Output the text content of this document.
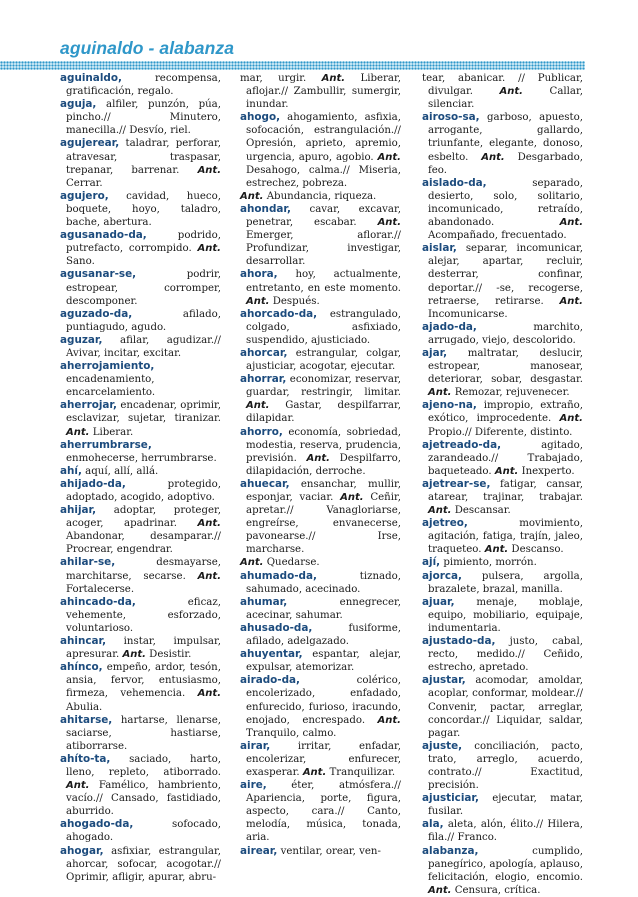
aguinaldo - alabanza

aguinaldo,	recompensa, gratificación, regalo.

aguja, alfiler, punzón, púa, pincho.// Minutero, manecilla.// Desvío, riel.

agujerear, taladrar, perforar, atravesar, traspasar, trepanar, barrenar. Ant. Cerrar.

agujero, cavidad, hueco, boquete, hoyo, taladro, bache, abertura.

agusanado-da,	podrido, putrefacto, corrompido. Ant. Sano.

agusanar-se,	podrir, estropear, corromper, descomponer.

aguzado-da,	afilado, puntiagudo, agudo.

aguzar, afilar, agudizar.// Avivar, incitar, excitar.

aherrojamiento, encadenamiento, encarcelamiento.

aherrojar, encadenar, oprimir, esclavizar, sujetar, tiranizar. Ant. Liberar.

aherrumbrarse, enmohecerse, herrumbrarse.

ahí, aquí, allí, allá.

ahijado-da,	protegido, adoptado, acogido, adoptivo.

ahijar, adoptar, proteger, acoger, apadrinar. Ant. Abandonar, desamparar.// Procrear, engendrar.

ahilar-se,	desmayarse, marchitarse, secarse. Ant. Fortalecerse.

ahincado-da,	eficaz, vehemente, esforzado, voluntarioso.

ahincar, instar, impulsar, apresurar. Ant. Desistir.

ahínco, empeño, ardor, tesón, ansia, fervor, entusiasmo, firmeza, vehemencia. Ant. Abulia.

ahitarse, hartarse, llenarse, saciarse, hastiarse, atiborrarse.

ahíto-ta, saciado, harto, lleno, repleto, atiborrado. Ant. Famélico, hambriento, vacío.// Cansado, fastidiado, aburrido.

ahogado-da,	sofocado, ahogado.

ahogar, asfixiar, estrangular, ahorcar, sofocar, acogotar.// Oprimir, afligir, apurar, abru-

mar, urgir. Ant. Liberar, aflojar.// Zambullir, sumergir, inundar.

ahogo, ahogamiento, asfixia, sofocación, estrangulación.// Opresión, aprieto, apremio, urgencia, apuro, agobio. Ant. Desahogo, calma.// Miseria, estrechez, pobreza.

Ant. Abundancia, riqueza.

ahondar, cavar, excavar, penetrar, escabar. Ant. Emerger, aflorar.// Profundizar, investigar, desarrollar.

ahora, hoy, actualmente, entretanto, en este momento. Ant. Después.

ahorcado-da, estrangulado, colgado, asfixiado, suspendido, ajusticiado.

ahorcar, estrangular, colgar, ajusticiar, acogotar, ejecutar.

ahorrar, economizar, reservar, guardar, restringir, limitar. Ant. Gastar, despilfarrar, dilapidar.

ahorro, economía, sobriedad, modestia, reserva, prudencia, previsión. Ant. Despilfarro, dilapidación, derroche.

ahuecar, ensanchar, mullir, esponjar, vaciar. Ant. Ceñir, apretar.// Vanagloriarse, engreírse, envanecerse, pavonearse.// Irse, marcharse.

Ant. Quedarse.

ahumado-da,	tiznado, sahumado, acecinado.

ahumar,	ennegrecer, acecinar, sahumar.

ahusado-da,	fusiforme, afilado, adelgazado.

ahuyentar, espantar, alejar, expulsar, atemorizar.

airado-da,	colérico, encolerizado, enfadado, enfurecido, furioso, iracundo, enojado, encrespado. Ant. Tranquilo, calmo.

airar,	irritar, enfadar, encolerizar, enfurecer, exasperar. Ant. Tranquilizar.

aire, éter, atmósfera.// Apariencia, porte, figura, aspecto, cara.// Canto, melodía, música, tonada, aria.

airear, ventilar, orear, ven-

tear, abanicar. // Publicar, divulgar.	Ant.	Callar, silenciar.

airoso-sa, garboso, apuesto, arrogante, gallardo, triunfante, elegante, donoso, esbelto. Ant. Desgarbado, feo.

aislado-da,	separado, desierto, solo, solitario, incomunicado, retraído, abandonado.	Ant. Acompañado, frecuentado.

aislar, separar, incomunicar, alejar, apartar, recluir, desterrar, confinar, deportar.// -se, recogerse, retraerse, retirarse. Ant. Incomunicarse.

ajado-da,	marchito, arrugado, viejo, descolorido.

ajar, maltratar, deslucir, estropear, manosear, deteriorar, sobar, desgastar. Ant. Remozar, rejuvenecer.

ajeno-na, impropio, extraño, exótico, improcedente. Ant. Propio.// Diferente, distinto.

ajetreado-da,	agitado, zarandeado.// Trabajado, baqueteado. Ant. Inexperto.

ajetrear-se, fatigar, cansar, atarear, trajinar, trabajar. Ant. Descansar.

ajetreo,	movimiento, agitación, fatiga, trajín, jaleo, traqueteo. Ant. Descanso.

ají, pimiento, morrón.

ajorca, pulsera, argolla, brazalete, brazal, manilla.

ajuar, menaje, moblaje, equipo, mobiliario, equipaje, indumentaria.

ajustado-da, justo, cabal, recto, medido.// Ceñido, estrecho, apretado.

ajustar, acomodar, amoldar, acoplar, conformar, moldear.// Convenir, pactar, arreglar, concordar.// Liquidar, saldar, pagar.

ajuste, conciliación, pacto, trato, arreglo, acuerdo, contrato.// Exactitud, precisión.

ajusticiar, ejecutar, matar, fusilar.

ala, aleta, alón, élito.// Hilera, fila.// Franco.

alabanza,	cumplido, panegírico, apología, aplauso, felicitación, elogio, encomio. Ant. Censura, crítica.
